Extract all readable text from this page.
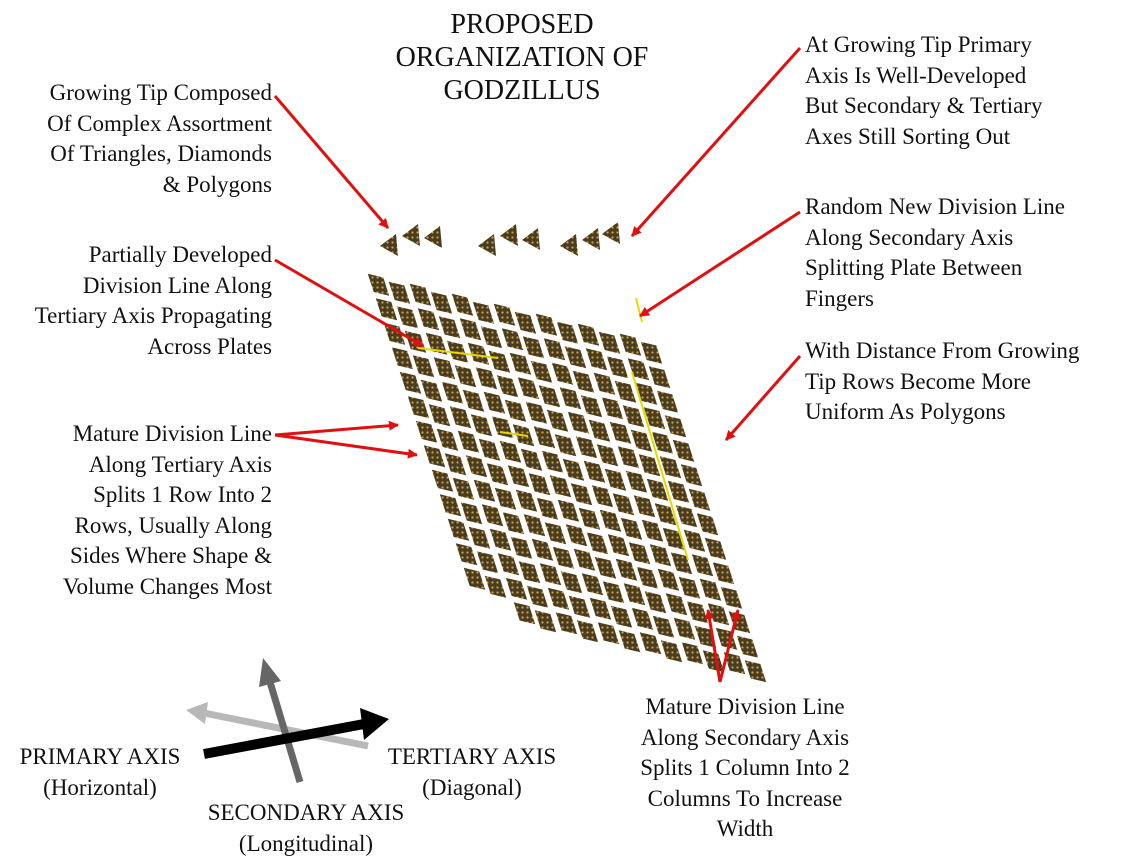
PROPOSED
ORGANIZATION OF
GODZILLUS
Growing Tip Composed
Of Complex Assortment
Of Triangles, Diamonds
& Polygons
Partially Developed
Division Line Along
Tertiary Axis Propagating
Across Plates
Mature Division Line
Along Tertiary Axis
Splits 1 Row Into 2
Rows, Usually Along
Sides Where Shape &
Volume Changes Most
At Growing Tip Primary
Axis Is Well-Developed
But Secondary & Tertiary
Axes Still Sorting Out
Random New Division Line
Along Secondary Axis
Splitting Plate Between
Fingers
With Distance From Growing
Tip Rows Become More
Uniform As Polygons
Mature Division Line
Along Secondary Axis
Splits 1 Column Into 2
Columns To Increase
Width
PRIMARY AXIS
(Horizontal)
TERTIARY AXIS
(Diagonal)
SECONDARY AXIS
(Longitudinal)
